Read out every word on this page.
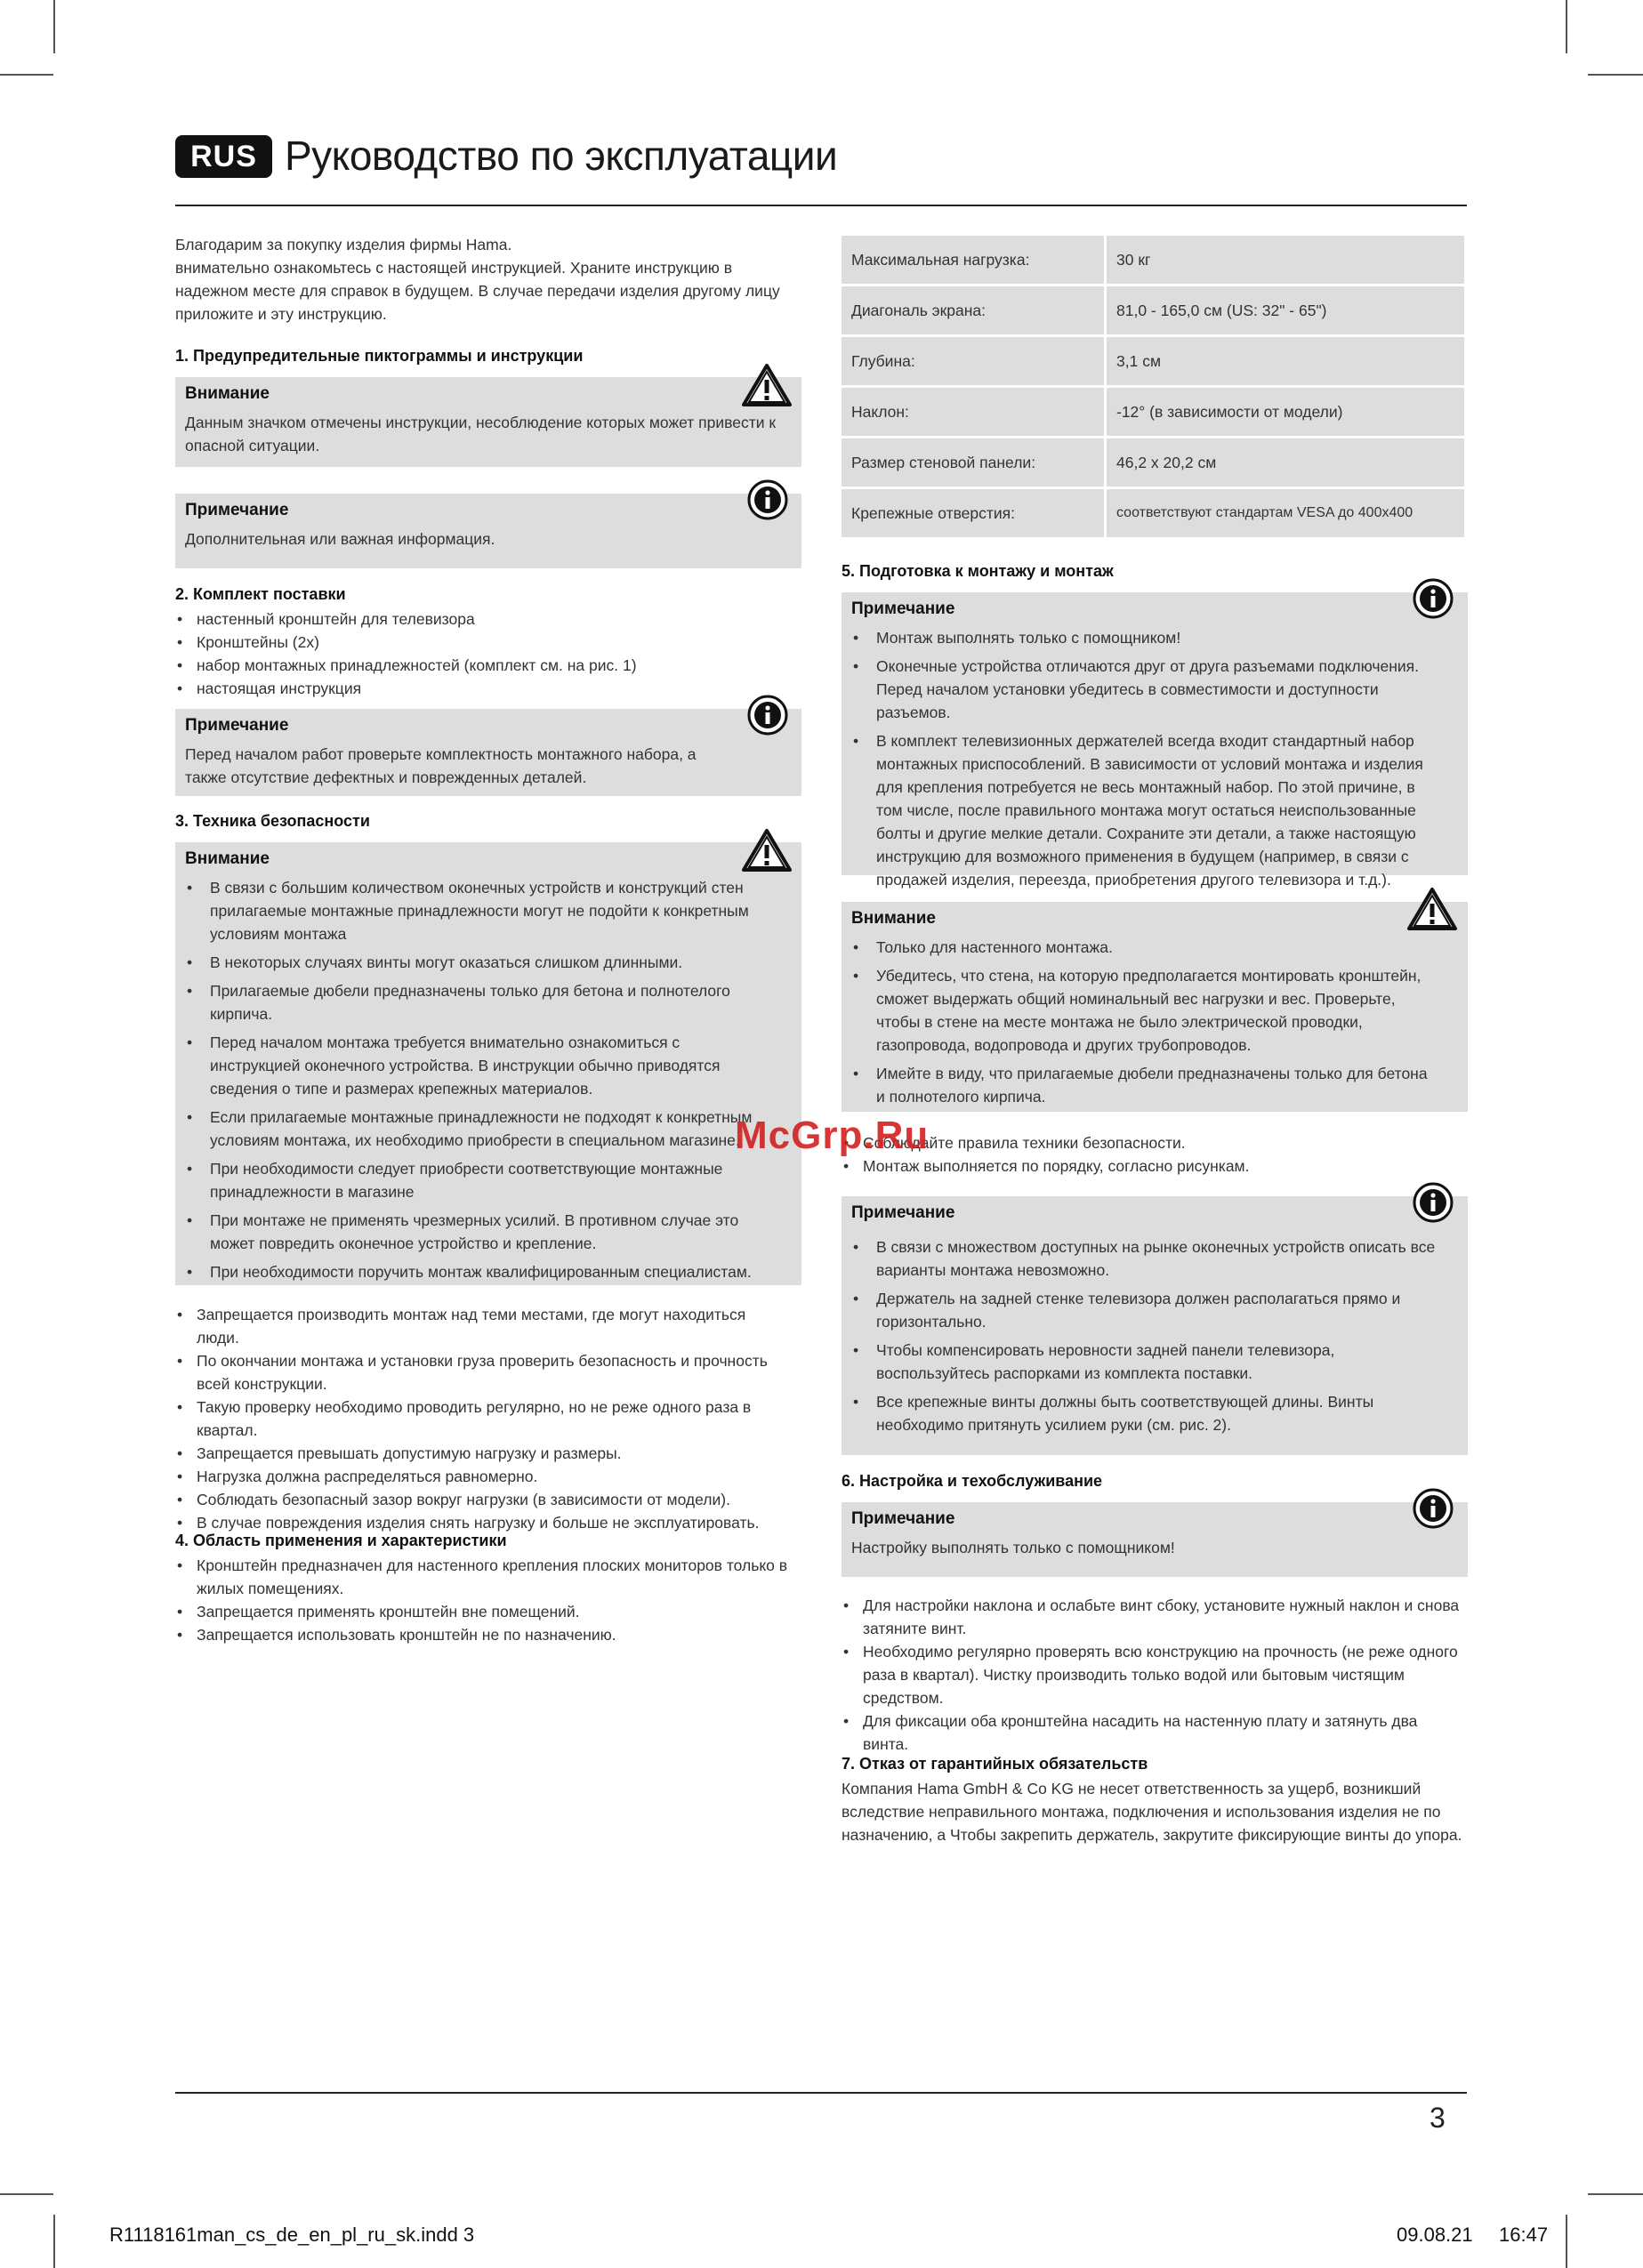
RUS Руководство по эксплуатации
Благодарим за покупку изделия фирмы Hama.
внимательно ознакомьтесь с настоящей инструкцией. Храните инструкцию в надежном месте для справок в будущем. В случае передачи изделия другому лицу приложите и эту инструкцию.
1. Предупредительные пиктограммы и инструкции
Внимание
Данным значком отмечены инструкции, несоблюдение которых может привести к опасной ситуации.
Примечание
Дополнительная или важная информация.
2. Комплект поставки
• настенный кронштейн для телевизора
• Кронштейны (2x)
• набор монтажных принадлежностей (комплект см. на рис. 1)
• настоящая инструкция
Примечание
Перед началом работ проверьте комплектность монтажного набора, а также отсутствие дефектных и поврежденных деталей.
3. Техника безопасности
Внимание
• В связи с большим количеством оконечных устройств и конструкций стен прилагаемые монтажные принадлежности могут не подойти к конкретным условиям монтажа
• В некоторых случаях винты могут оказаться слишком длинными.
• Прилагаемые дюбели предназначены только для бетона и полнотелого кирпича.
• Перед началом монтажа требуется внимательно ознакомиться с инструкцией оконечного устройства. В инструкции обычно приводятся сведения о типе и размерах крепежных материалов.
• Если прилагаемые монтажные принадлежности не подходят к конкретным условиям монтажа, их необходимо приобрести в специальном магазине.
• При необходимости следует приобрести соответствующие монтажные принадлежности в магазине
• При монтаже не применять чрезмерных усилий. В противном случае это может повредить оконечное устройство и крепление.
• При необходимости поручить монтаж квалифицированным специалистам.
• Запрещается производить монтаж над теми местами, где могут находиться люди.
• По окончании монтажа и установки груза проверить безопасность и прочность всей конструкции.
• Такую проверку необходимо проводить регулярно, но не реже одного раза в квартал.
• Запрещается превышать допустимую нагрузку и размеры.
• Нагрузка должна распределяться равномерно.
• Соблюдать безопасный зазор вокруг нагрузки (в зависимости от модели).
• В случае повреждения изделия снять нагрузку и больше не эксплуатировать.
4. Область применения и характеристики
• Кронштейн предназначен для настенного крепления плоских мониторов только в жилых помещениях.
• Запрещается применять кронштейн вне помещений.
• Запрещается использовать кронштейн не по назначению.
Максимальная нагрузка:	30 кг
Диагональ экрана:	81,0 - 165,0 см (US: 32" - 65")
Глубина:	3,1 см
Наклон:	-12° (в зависимости от модели)
Размер стеновой панели:	46,2 x 20,2 см
Крепежные отверстия:	соответствуют стандартам VESA до 400x400
5. Подготовка к монтажу и монтаж
Примечание
• Монтаж выполнять только с помощником!
• Оконечные устройства отличаются друг от друга разъемами подключения. Перед началом установки убедитесь в совместимости и доступности разъемов.
• В комплект телевизионных держателей всегда входит стандартный набор монтажных приспособлений. В зависимости от условий монтажа и изделия для крепления потребуется не весь монтажный набор. По этой причине, в том числе, после правильного монтажа могут остаться неиспользованные болты и другие мелкие детали. Сохраните эти детали, а также настоящую инструкцию для возможного применения в будущем (например, в связи с продажей изделия, переезда, приобретения другого телевизора и т.д.).
Внимание
• Только для настенного монтажа.
• Убедитесь, что стена, на которую предполагается монтировать кронштейн, сможет выдержать общий номинальный вес нагрузки и вес. Проверьте, чтобы в стене на месте монтажа не было электрической проводки, газопровода, водопровода и других трубопроводов.
• Имейте в виду, что прилагаемые дюбели предназначены только для бетона и полнотелого кирпича.
• Соблюдайте правила техники безопасности.
• Монтаж выполняется по порядку, согласно рисункам.
Примечание
• В связи с множеством доступных на рынке оконечных устройств описать все варианты монтажа невозможно.
• Держатель на задней стенке телевизора должен располагаться прямо и горизонтально.
• Чтобы компенсировать неровности задней панели телевизора, воспользуйтесь распорками из комплекта поставки.
• Все крепежные винты должны быть соответствующей длины. Винты необходимо притянуть усилием руки (см. рис. 2).
6. Настройка и техобслуживание
Примечание
Настройку выполнять только с помощником!
• Для настройки наклона и ослабьте винт сбоку, установите нужный наклон и снова затяните винт.
• Необходимо регулярно проверять всю конструкцию на прочность (не реже одного раза в квартал). Чистку производить только водой или бытовым чистящим средством.
• Для фиксации оба кронштейна насадить на настенную плату и затянуть два винта.
7. Отказ от гарантийных обязательств
Компания Hama GmbH & Co KG не несет ответственность за ущерб, возникший вследствие неправильного монтажа, подключения и использования изделия не по назначению, а Чтобы закрепить держатель, закрутите фиксирующие винты до упора.
McGrp.Ru
3
R1118161man_cs_de_en_pl_ru_sk.indd 3	09.08.21 16:47
